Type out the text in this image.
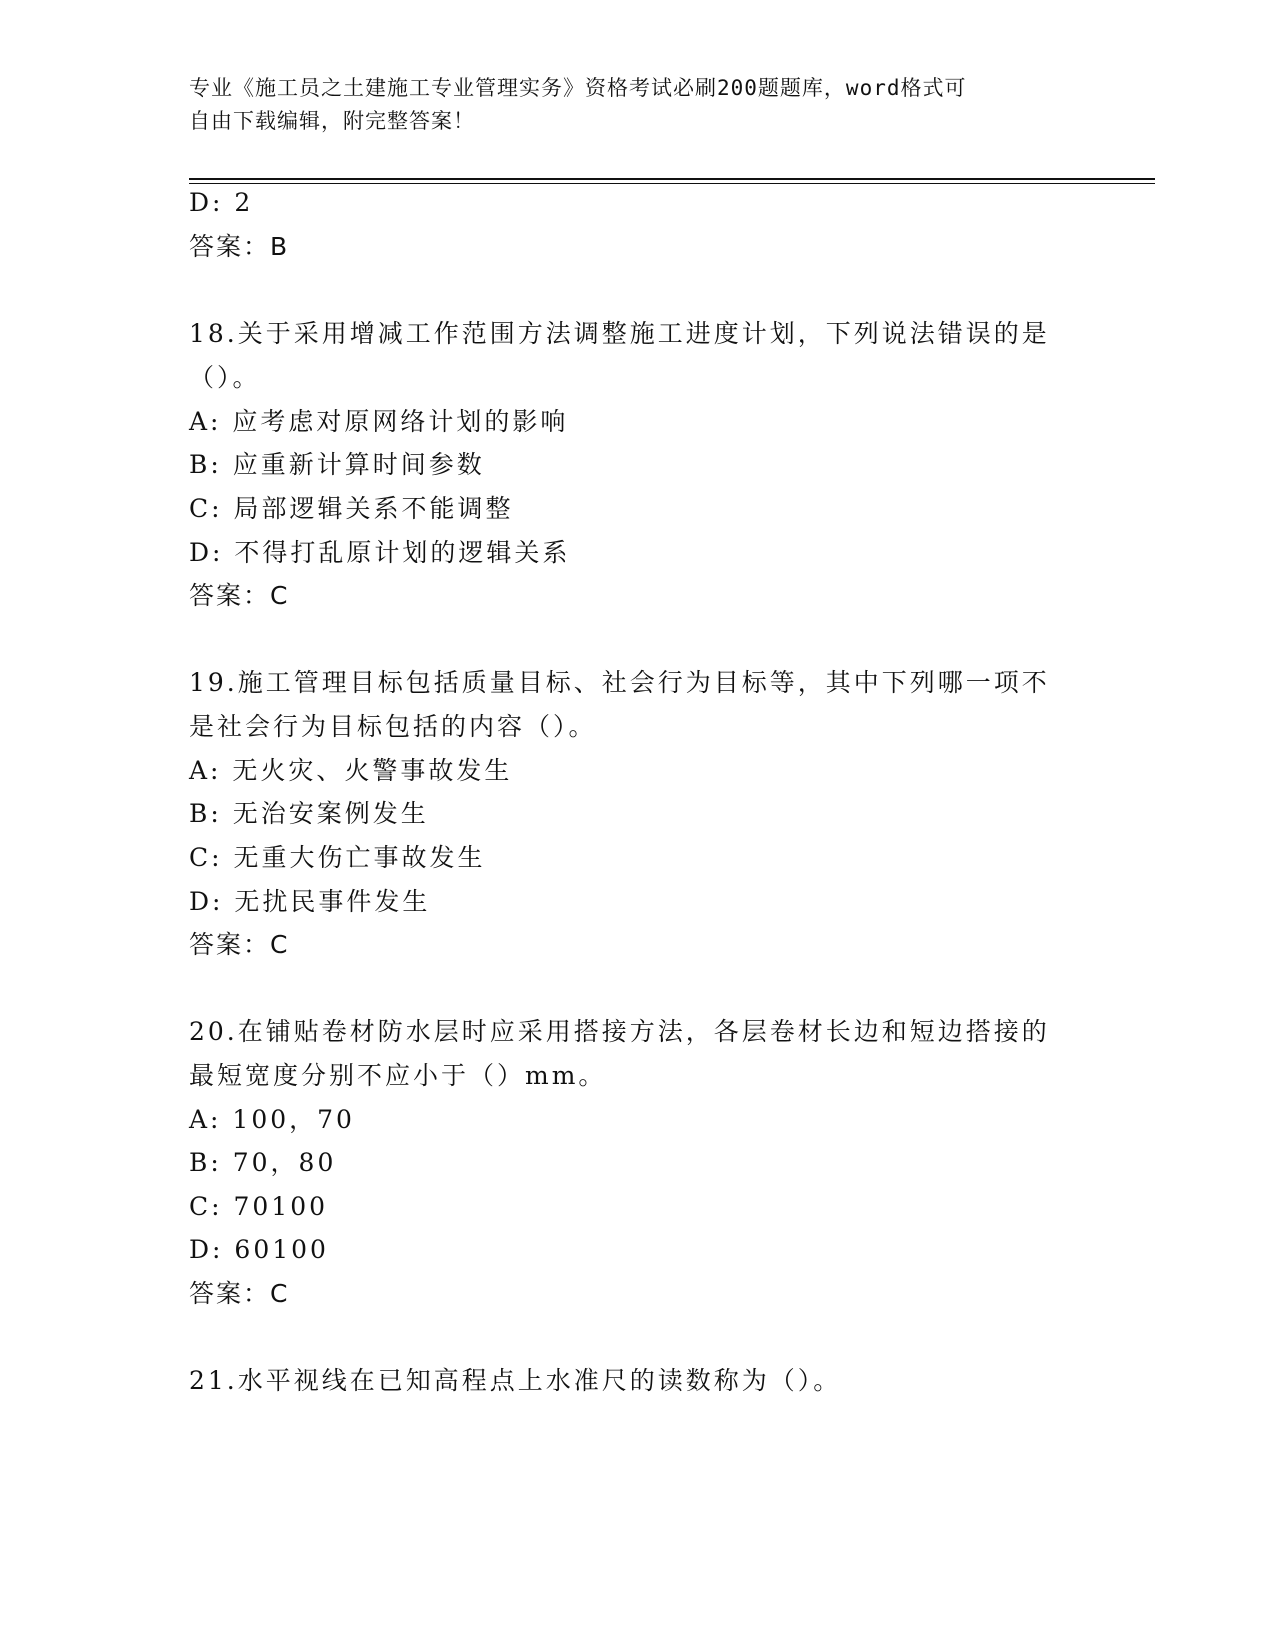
专业《施工员之土建施工专业管理实务》资格考试必刷200题题库，word格式可
自由下载编辑，附完整答案！
D: 2
答案：B
18.关于采用增减工作范围方法调整施工进度计划，下列说法错误的是
（）。
A: 应考虑对原网络计划的影响
B: 应重新计算时间参数
C: 局部逻辑关系不能调整
D: 不得打乱原计划的逻辑关系
答案：C
19.施工管理目标包括质量目标、社会行为目标等，其中下列哪一项不
是社会行为目标包括的内容（）。
A: 无火灾、火警事故发生
B: 无治安案例发生
C: 无重大伤亡事故发生
D: 无扰民事件发生
答案：C
20.在铺贴卷材防水层时应采用搭接方法，各层卷材长边和短边搭接的
最短宽度分别不应小于（）mm。
A: 100，70
B: 70，80
C: 70100
D: 60100
答案：C
21.水平视线在已知高程点上水准尺的读数称为（）。
